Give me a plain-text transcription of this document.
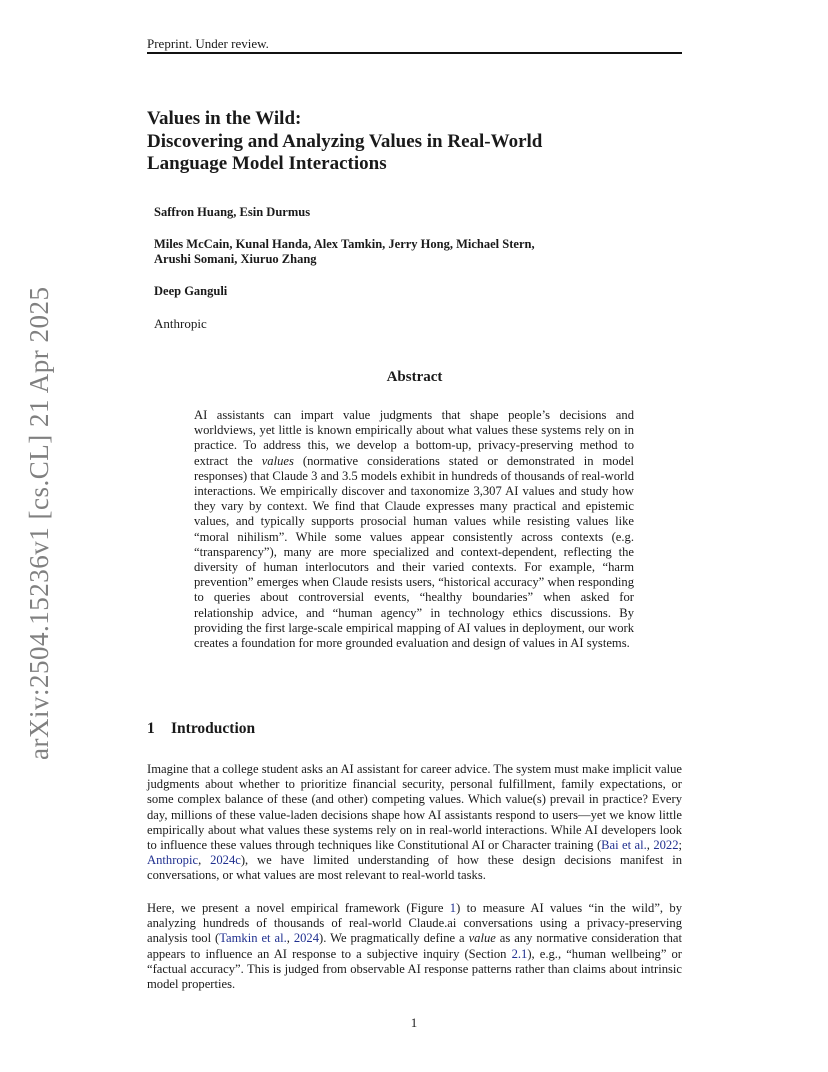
Preprint. Under review.
arXiv:2504.15236v1 [cs.CL] 21 Apr 2025
Values in the Wild:
Discovering and Analyzing Values in Real-World
Language Model Interactions
Saffron Huang, Esin Durmus
Miles McCain, Kunal Handa, Alex Tamkin, Jerry Hong, Michael Stern,
Arushi Somani, Xiuruo Zhang
Deep Ganguli
Anthropic
Abstract
AI assistants can impart value judgments that shape people’s decisions and worldviews, yet little is known empirically about what values these systems rely on in practice. To address this, we develop a bottom-up, privacy-preserving method to extract the values (normative considerations stated or demonstrated in model responses) that Claude 3 and 3.5 models exhibit in hundreds of thousands of real-world interactions. We empirically discover and taxonomize 3,307 AI values and study how they vary by context. We find that Claude expresses many practical and epistemic values, and typically supports prosocial human values while resisting values like “moral nihilism”. While some values appear consistently across contexts (e.g. “transparency”), many are more specialized and context-dependent, reflecting the diversity of human interlocutors and their varied contexts. For example, “harm prevention” emerges when Claude resists users, “historical accuracy” when responding to queries about controversial events, “healthy boundaries” when asked for relationship advice, and “human agency” in technology ethics discussions. By providing the first large-scale empirical mapping of AI values in deployment, our work creates a foundation for more grounded evaluation and design of values in AI systems.
1 Introduction
Imagine that a college student asks an AI assistant for career advice. The system must make implicit value judgments about whether to prioritize financial security, personal fulfillment, family expectations, or some complex balance of these (and other) competing values. Which value(s) prevail in practice? Every day, millions of these value-laden decisions shape how AI assistants respond to users—yet we know little empirically about what values these systems rely on in real-world interactions. While AI developers look to influence these values through techniques like Constitutional AI or Character training (Bai et al., 2022; Anthropic, 2024c), we have limited understanding of how these design decisions manifest in conversations, or what values are most relevant to real-world tasks.
Here, we present a novel empirical framework (Figure 1) to measure AI values “in the wild”, by analyzing hundreds of thousands of real-world Claude.ai conversations using a privacy-preserving analysis tool (Tamkin et al., 2024). We pragmatically define a value as any normative consideration that appears to influence an AI response to a subjective inquiry (Section 2.1), e.g., “human wellbeing” or “factual accuracy”. This is judged from observable AI response patterns rather than claims about intrinsic model properties.
1
